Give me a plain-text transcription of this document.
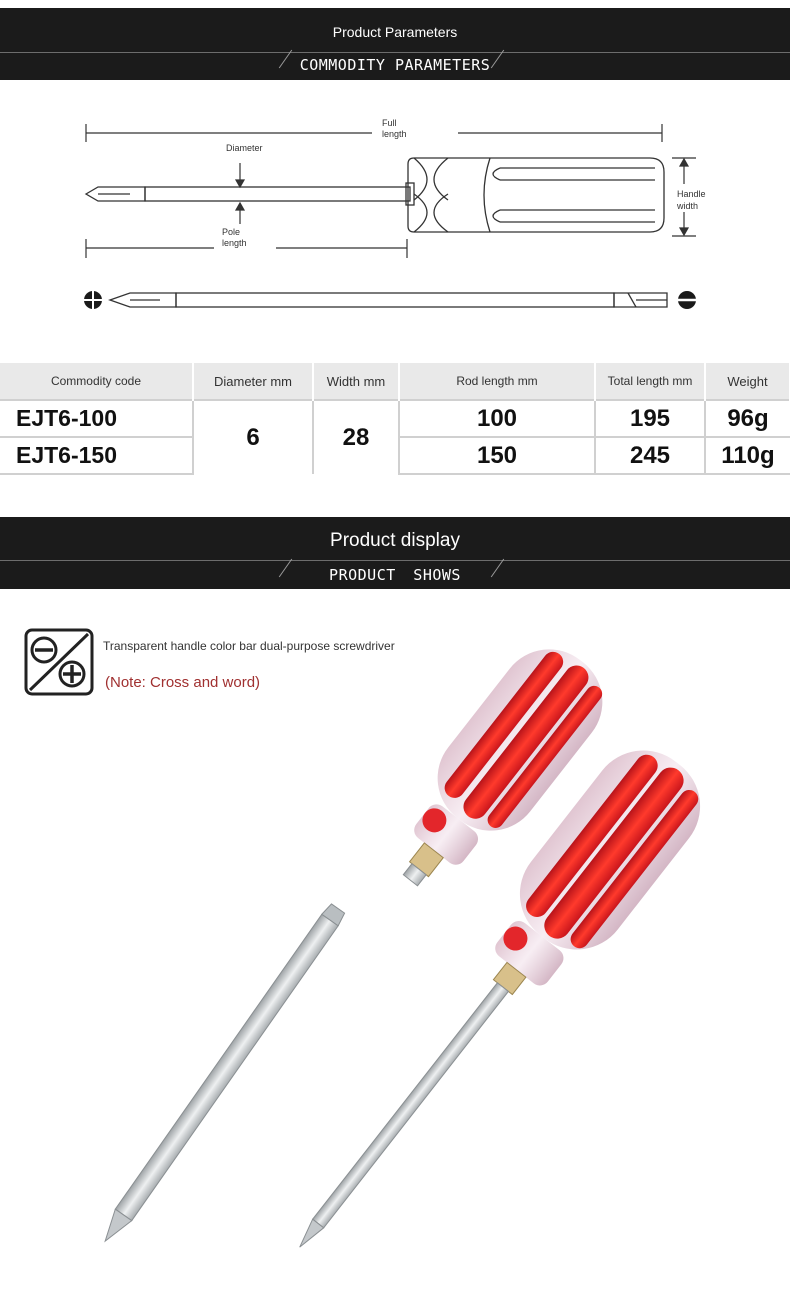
Product Parameters
COMMODITY PARAMETERS
Full
length
Diameter
Handle
width
Pole
length
Commodity code	Diameter mm	Width mm	Rod length mm	Total length mm	Weight
EJT6-100	6	28	100	195	96g
EJT6-150			150	245	110g
Product display
PRODUCT SHOWS
Transparent handle color bar dual-purpose screwdriver
(Note: Cross and word)
